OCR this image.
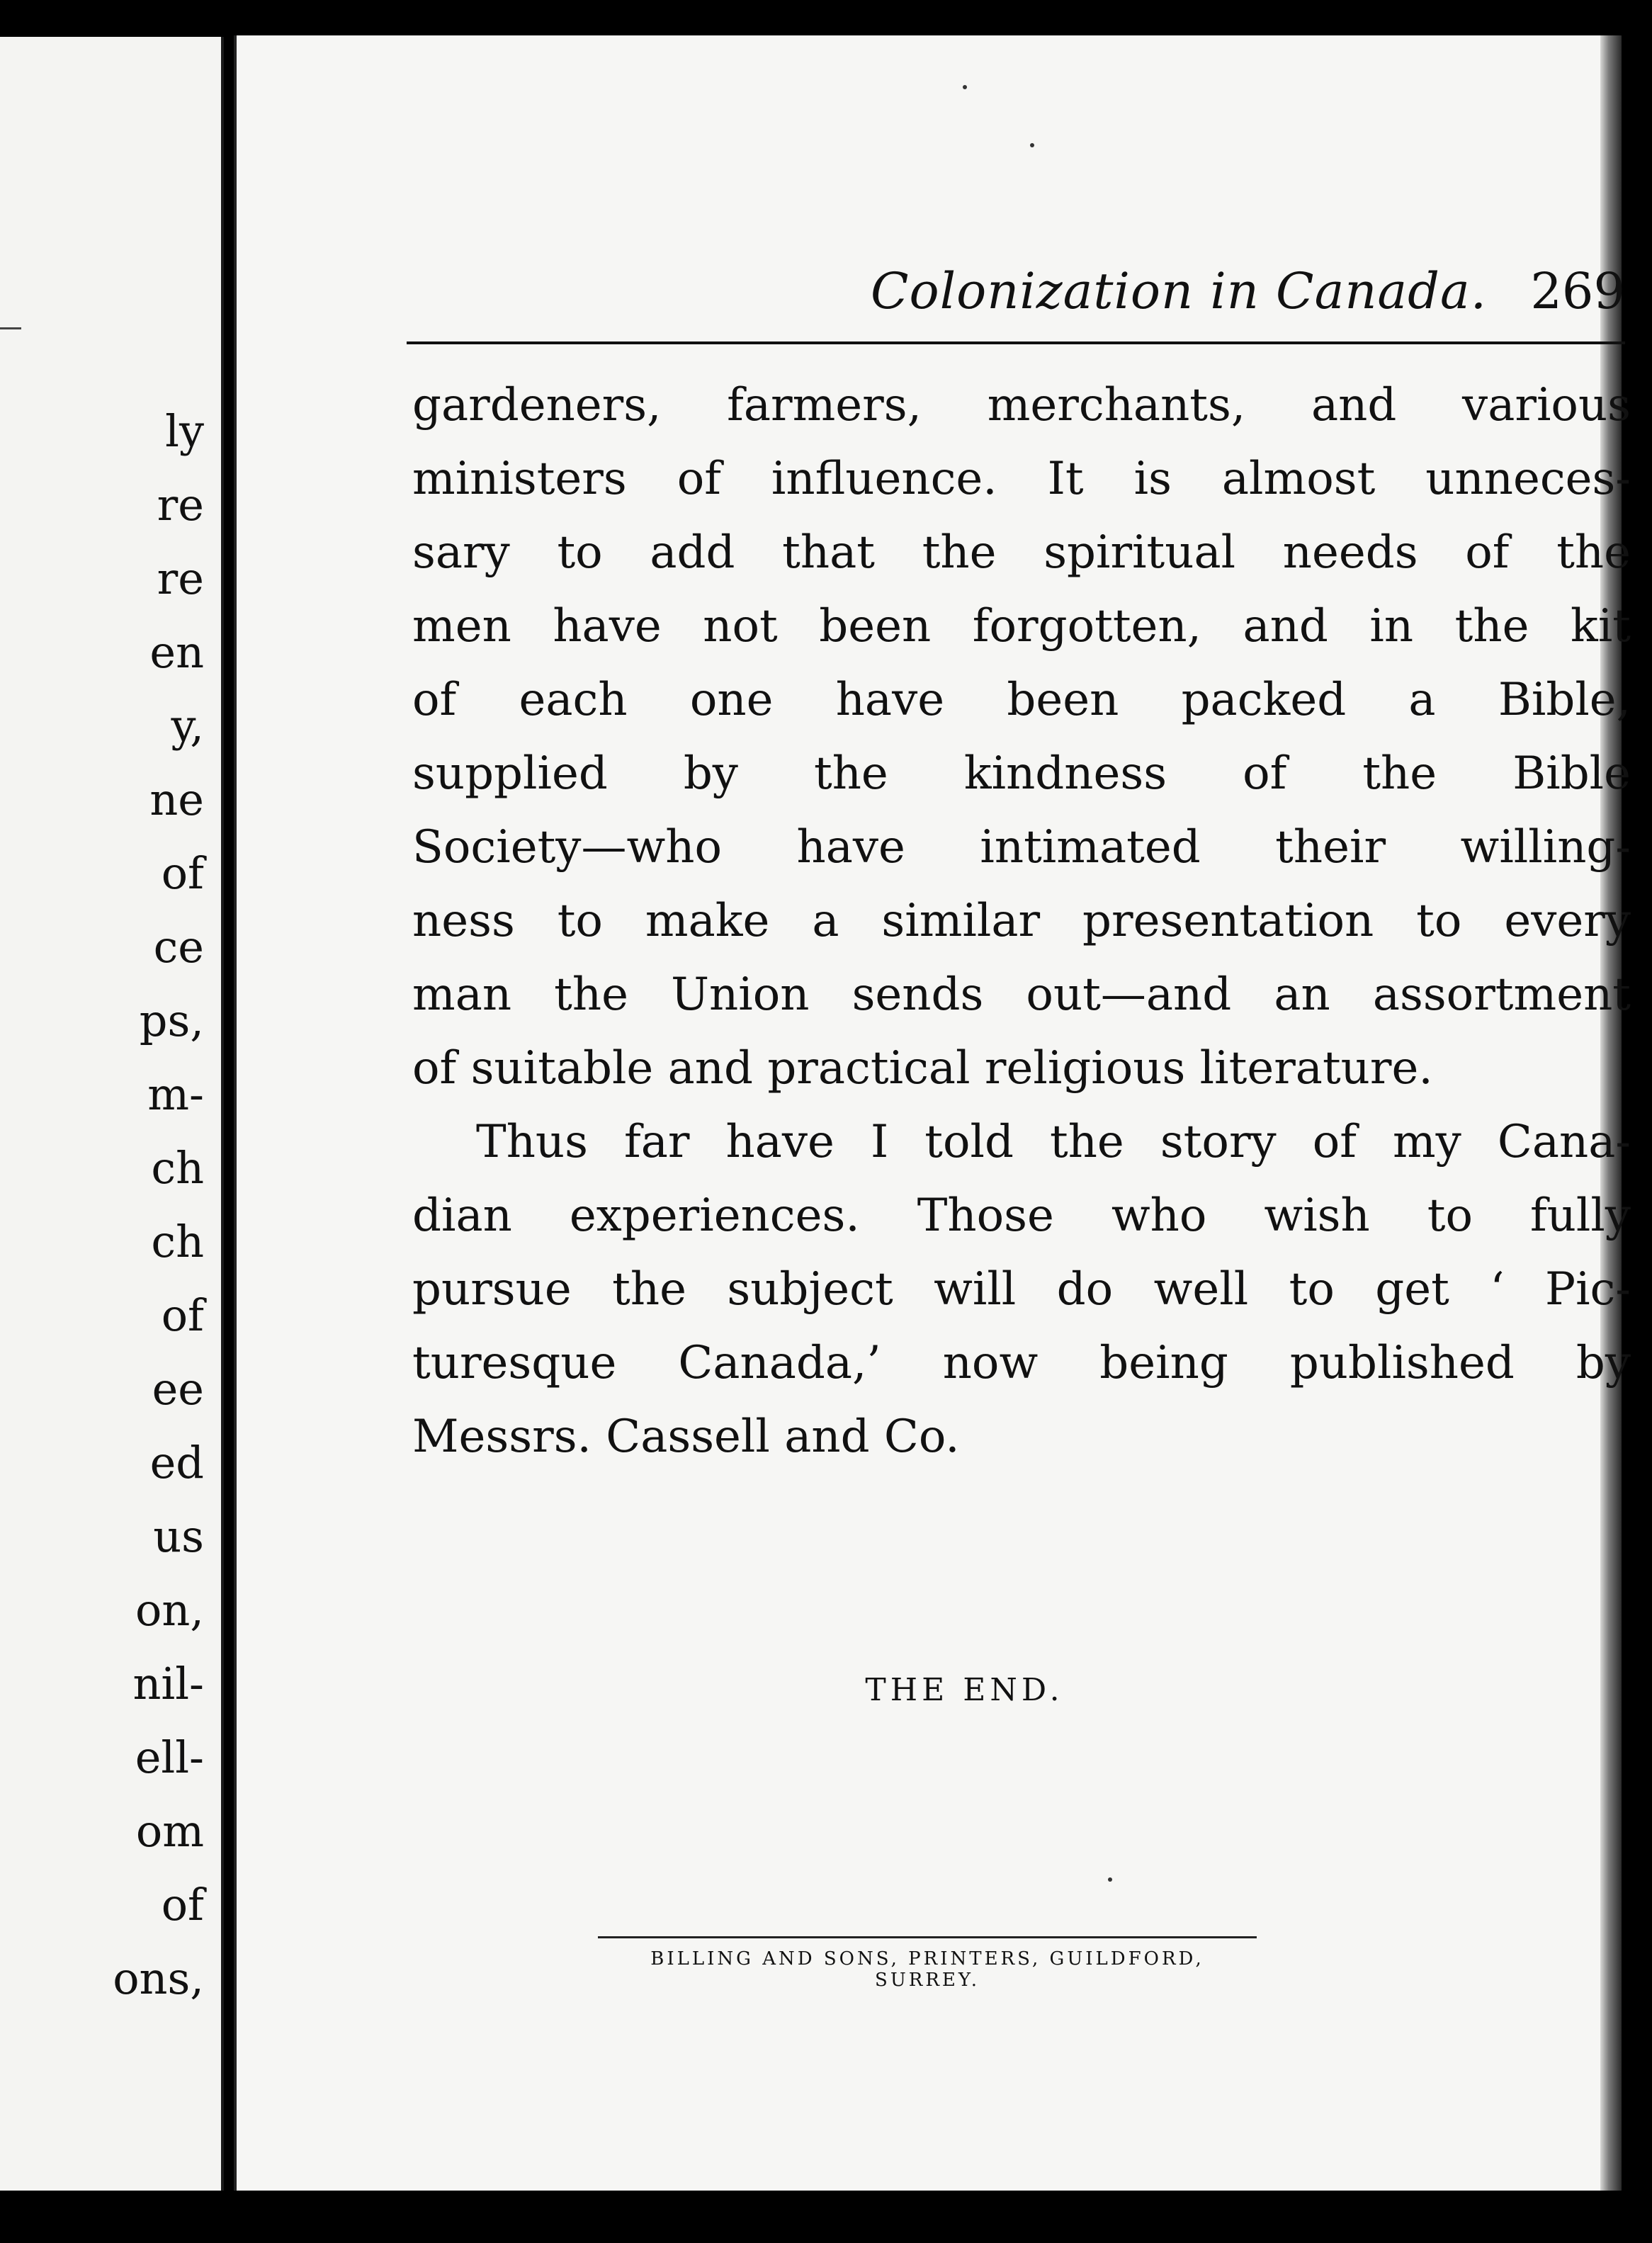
ly
re
re
en
y,
ne
of
ce
ps,
m-
ch
ch
of
ee
ed
us
on,
nil-
ell-
om
of
ons,
Colonization in Canada. 269
gardeners, farmers, merchants, and various
ministers of influence. It is almost unneces-
sary to add that the spiritual needs of the
men have not been forgotten, and in the kit
of each one have been packed a Bible,
supplied by the kindness of the Bible
Society—who have intimated their willing-
ness to make a similar presentation to every
man the Union sends out—and an assortment
of suitable and practical religious literature.
Thus far have I told the story of my Cana-
dian experiences. Those who wish to fully
pursue the subject will do well to get ‘ Pic-
turesque Canada,’ now being published by
Messrs. Cassell and Co.
THE END.
BILLING AND SONS, PRINTERS, GUILDFORD, SURREY.
